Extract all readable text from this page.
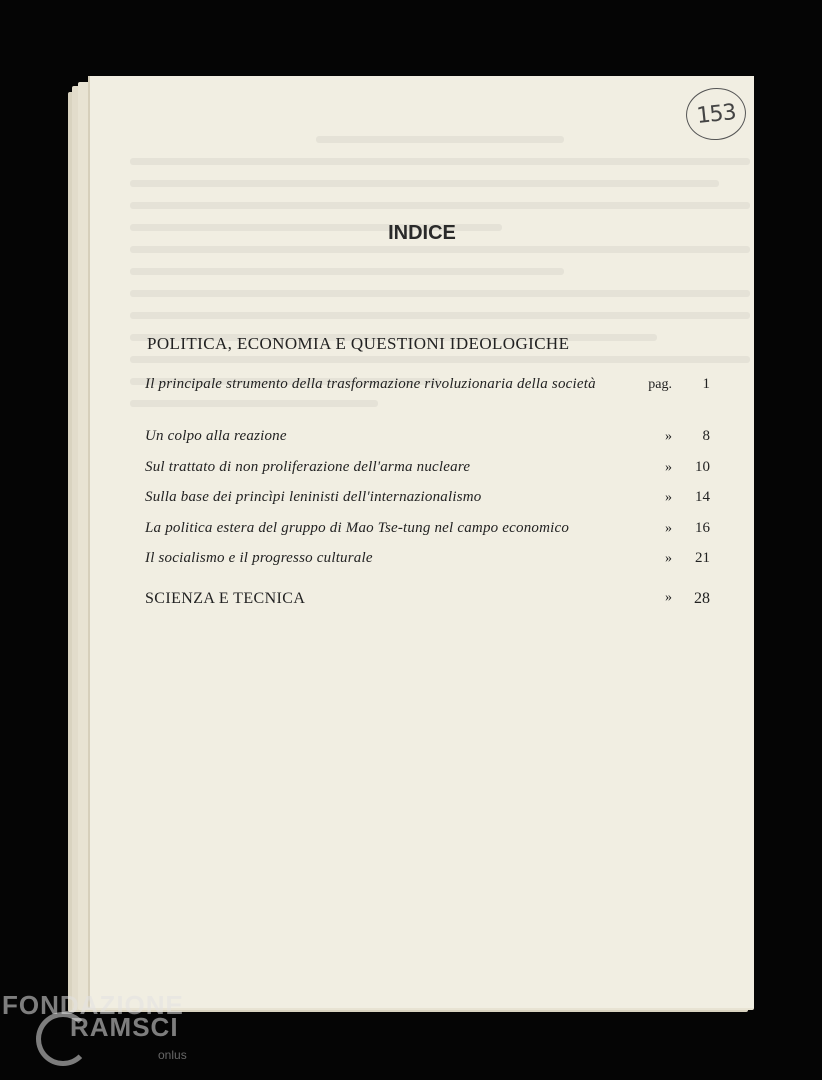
153
INDICE
POLITICA, ECONOMIA E QUESTIONI IDEOLOGICHE
Il principale strumento della trasformazione rivoluzionaria della società	pag.	1
Un colpo alla reazione	»	8
Sul trattato di non proliferazione dell'arma nucleare	»	10
Sulla base dei princìpi leninisti dell'internazionalismo	»	14
La politica estera del gruppo di Mao Tse-tung nel campo economico	»	16
Il socialismo e il progresso culturale	»	21
SCIENZA E TECNICA	»	28
FONDAZIONE
RAMSCI
onlus
